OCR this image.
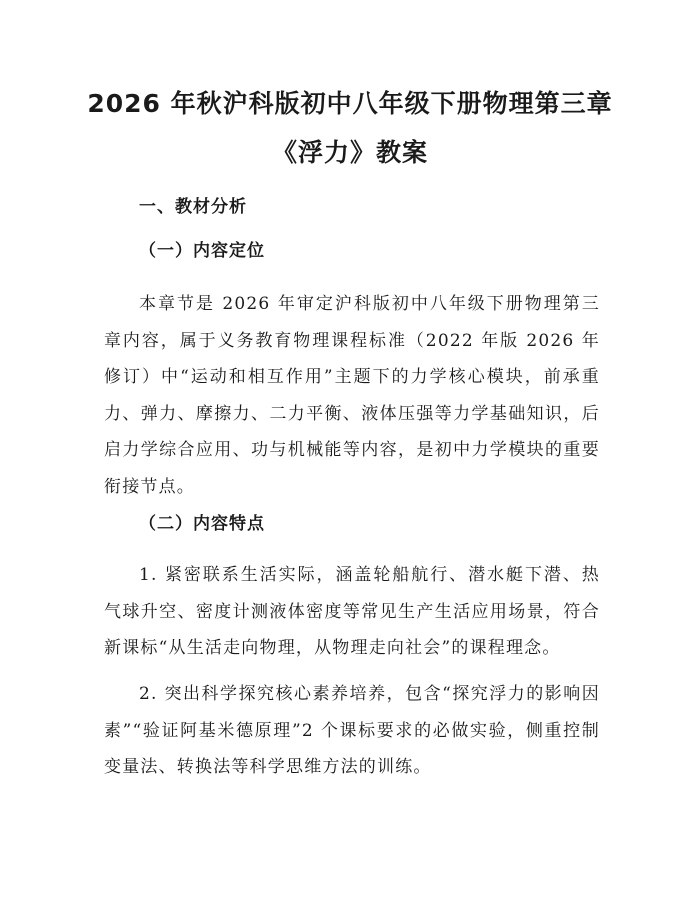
2026 年秋沪科版初中八年级下册物理第三章
《浮力》教案
一、教材分析
（一）内容定位

本章节是 2026 年审定沪科版初中八年级下册物理第三章内容，属于义务教育物理课程标准（2022 年版 2026 年修订）中“运动和相互作用”主题下的力学核心模块，前承重力、弹力、摩擦力、二力平衡、液体压强等力学基础知识，后启力学综合应用、功与机械能等内容，是初中力学模块的重要衔接节点。

（二）内容特点

1. 紧密联系生活实际，涵盖轮船航行、潜水艇下潜、热气球升空、密度计测液体密度等常见生产生活应用场景，符合新课标“从生活走向物理，从物理走向社会”的课程理念。

2. 突出科学探究核心素养培养，包含“探究浮力的影响因素”“验证阿基米德原理”2 个课标要求的必做实验，侧重控制变量法、转换法等科学思维方法的训练。
